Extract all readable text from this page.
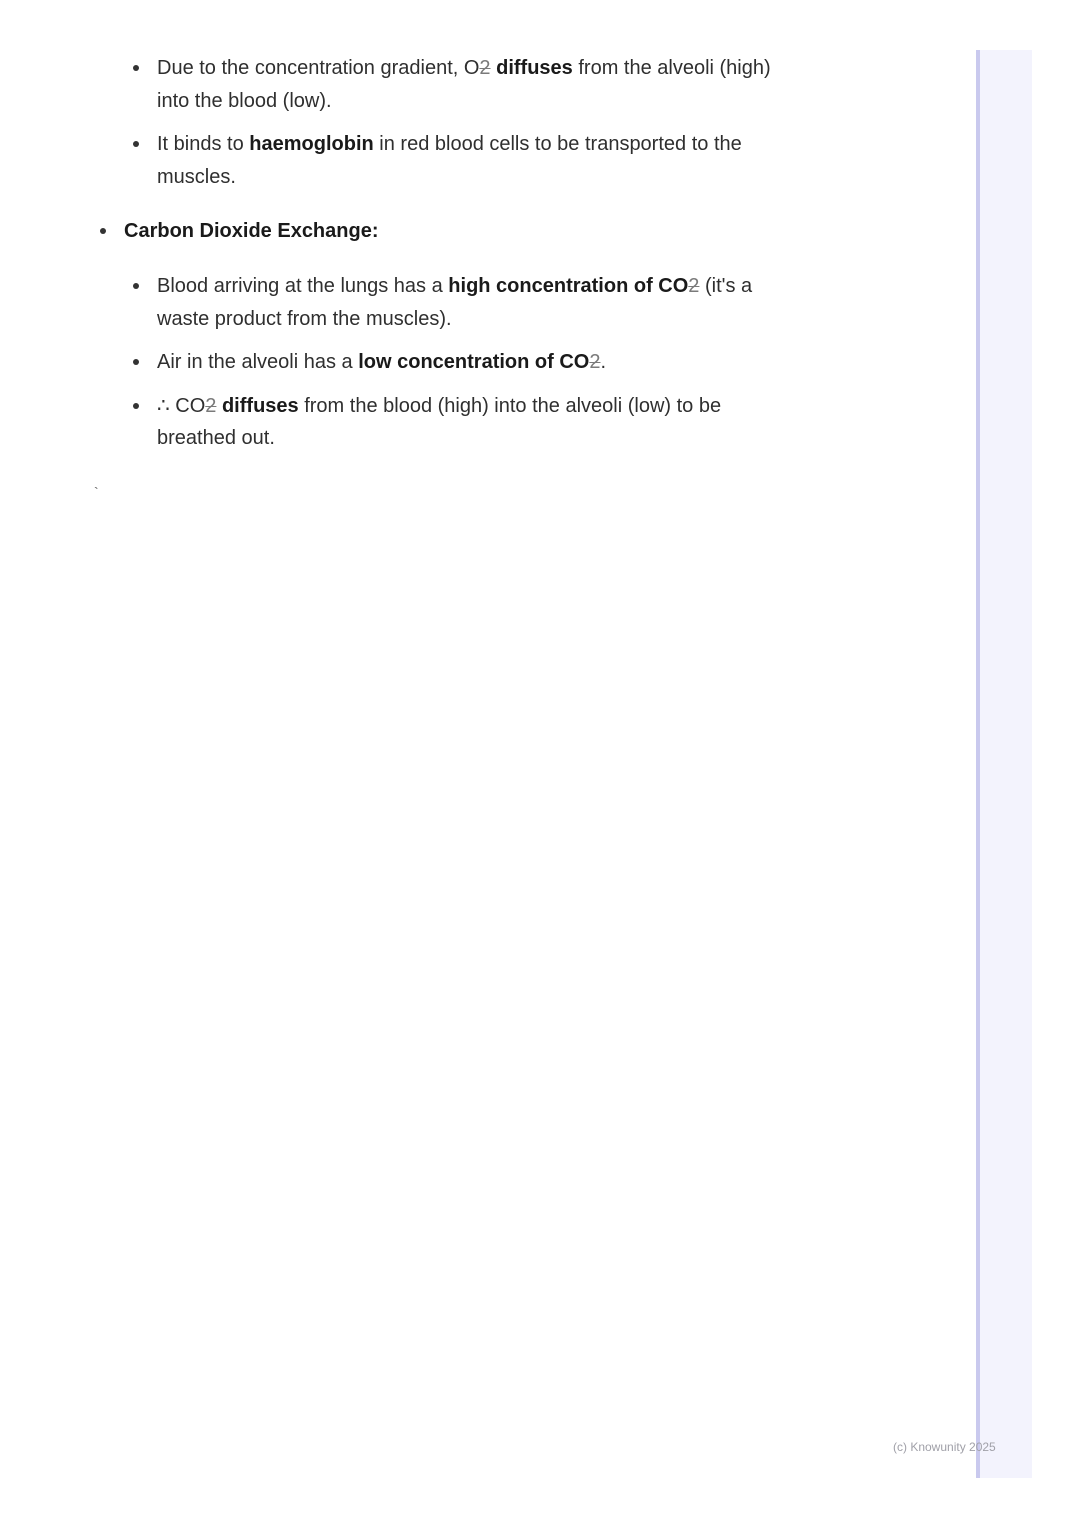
Due to the concentration gradient, O2 diffuses from the alveoli (high)
into the blood (low).
It binds to haemoglobin in red blood cells to be transported to the
muscles.
Carbon Dioxide Exchange:
Blood arriving at the lungs has a high concentration of CO2 (it's a
waste product from the muscles).
Air in the alveoli has a low concentration of CO2.
∴ CO2 diffuses from the blood (high) into the alveoli (low) to be
breathed out.
`
(c) Knowunity 2025
